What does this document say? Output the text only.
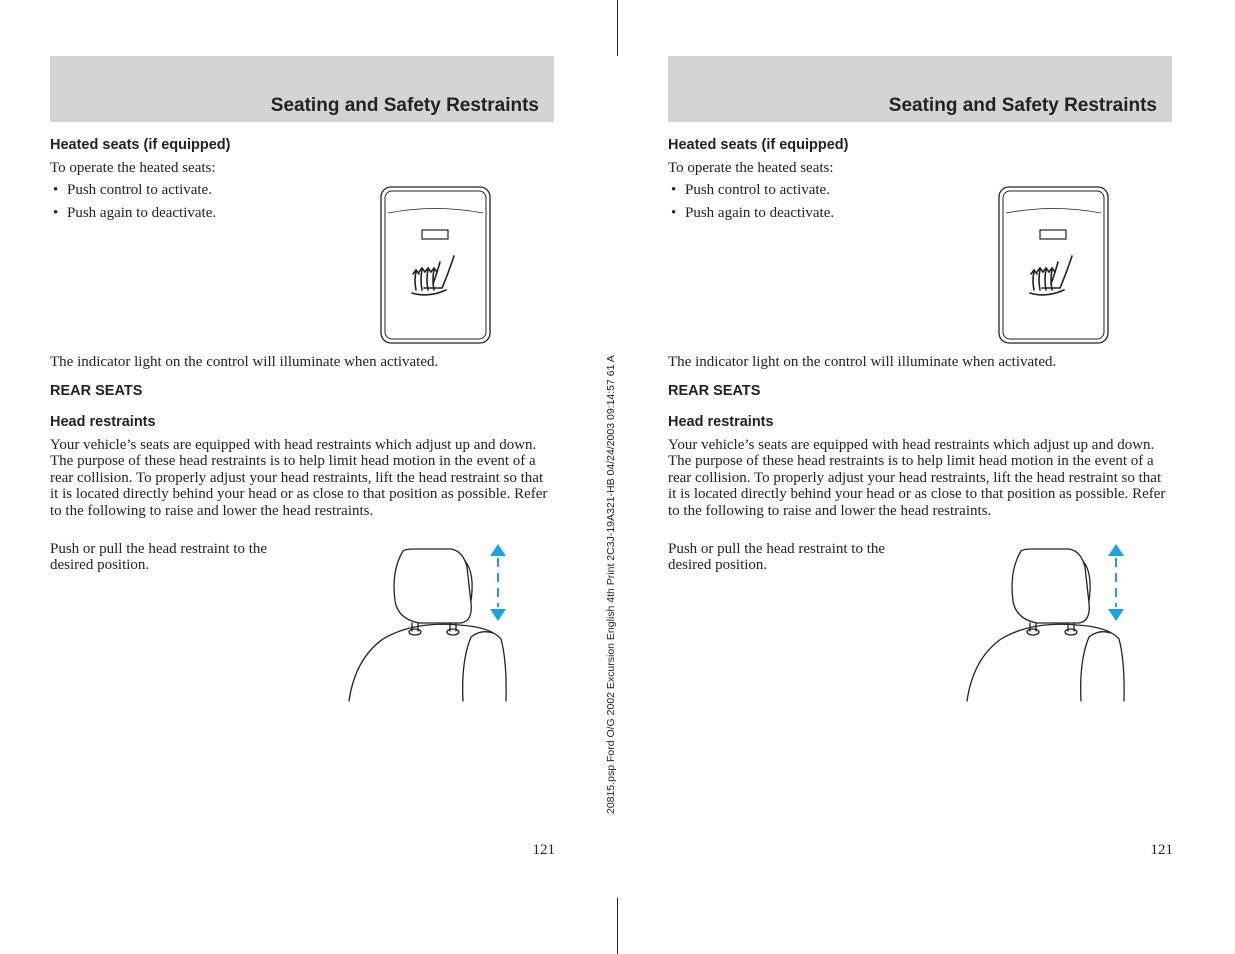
20815.psp Ford O/G 2002 Excursion English 4th Print 2C3J-19A321-HB 04/24/2003 09:14:57 61 A
Seating and Safety Restraints
Heated seats (if equipped)
To operate the heated seats:
• Push control to activate.
• Push again to deactivate.
The indicator light on the control will illuminate when activated.
REAR SEATS
Head restraints
Your vehicle’s seats are equipped with head restraints which adjust up and down. The purpose of these head restraints is to help limit head motion in the event of a rear collision. To properly adjust your head restraints, lift the head restraint so that it is located directly behind your head or as close to that position as possible. Refer to the following to raise and lower the head restraints.
Push or pull the head restraint to the desired position.
121
Seating and Safety Restraints
Heated seats (if equipped)
To operate the heated seats:
• Push control to activate.
• Push again to deactivate.
The indicator light on the control will illuminate when activated.
REAR SEATS
Head restraints
Your vehicle’s seats are equipped with head restraints which adjust up and down. The purpose of these head restraints is to help limit head motion in the event of a rear collision. To properly adjust your head restraints, lift the head restraint so that it is located directly behind your head or as close to that position as possible. Refer to the following to raise and lower the head restraints.
Push or pull the head restraint to the desired position.
121
